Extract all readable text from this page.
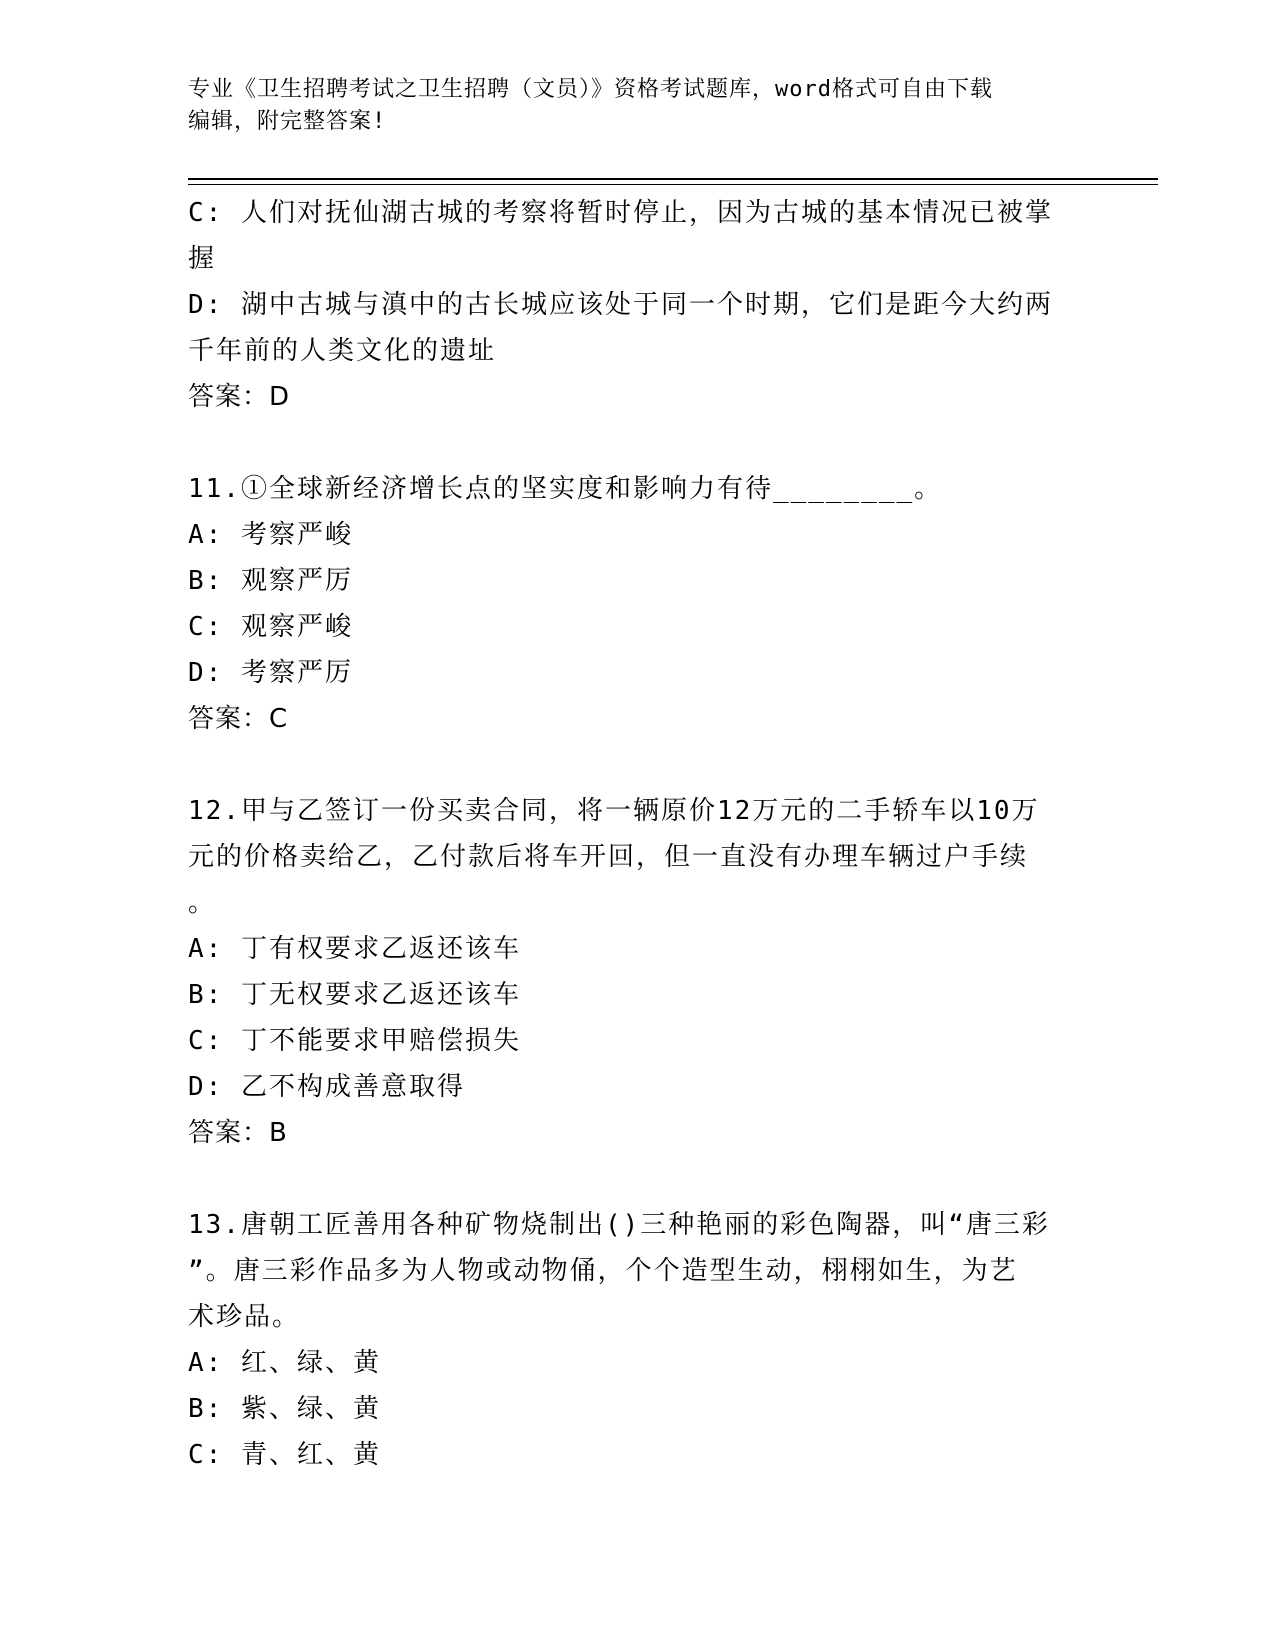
专业《卫生招聘考试之卫生招聘（文员）》资格考试题库，word格式可自由下载
编辑，附完整答案!
C: 人们对抚仙湖古城的考察将暂时停止，因为古城的基本情况已被掌
握
D: 湖中古城与滇中的古长城应该处于同一个时期，它们是距今大约两
千年前的人类文化的遗址
答案：D
11.①全球新经济增长点的坚实度和影响力有待________。
A: 考察严峻
B: 观察严厉
C: 观察严峻
D: 考察严厉
答案：C
12.甲与乙签订一份买卖合同，将一辆原价12万元的二手轿车以10万
元的价格卖给乙，乙付款后将车开回，但一直没有办理车辆过户手续
。
A: 丁有权要求乙返还该车
B: 丁无权要求乙返还该车
C: 丁不能要求甲赔偿损失
D: 乙不构成善意取得
答案：B
13.唐朝工匠善用各种矿物烧制出()三种艳丽的彩色陶器，叫“唐三彩
”。唐三彩作品多为人物或动物俑，个个造型生动，栩栩如生，为艺
术珍品。
A: 红、绿、黄
B: 紫、绿、黄
C: 青、红、黄
